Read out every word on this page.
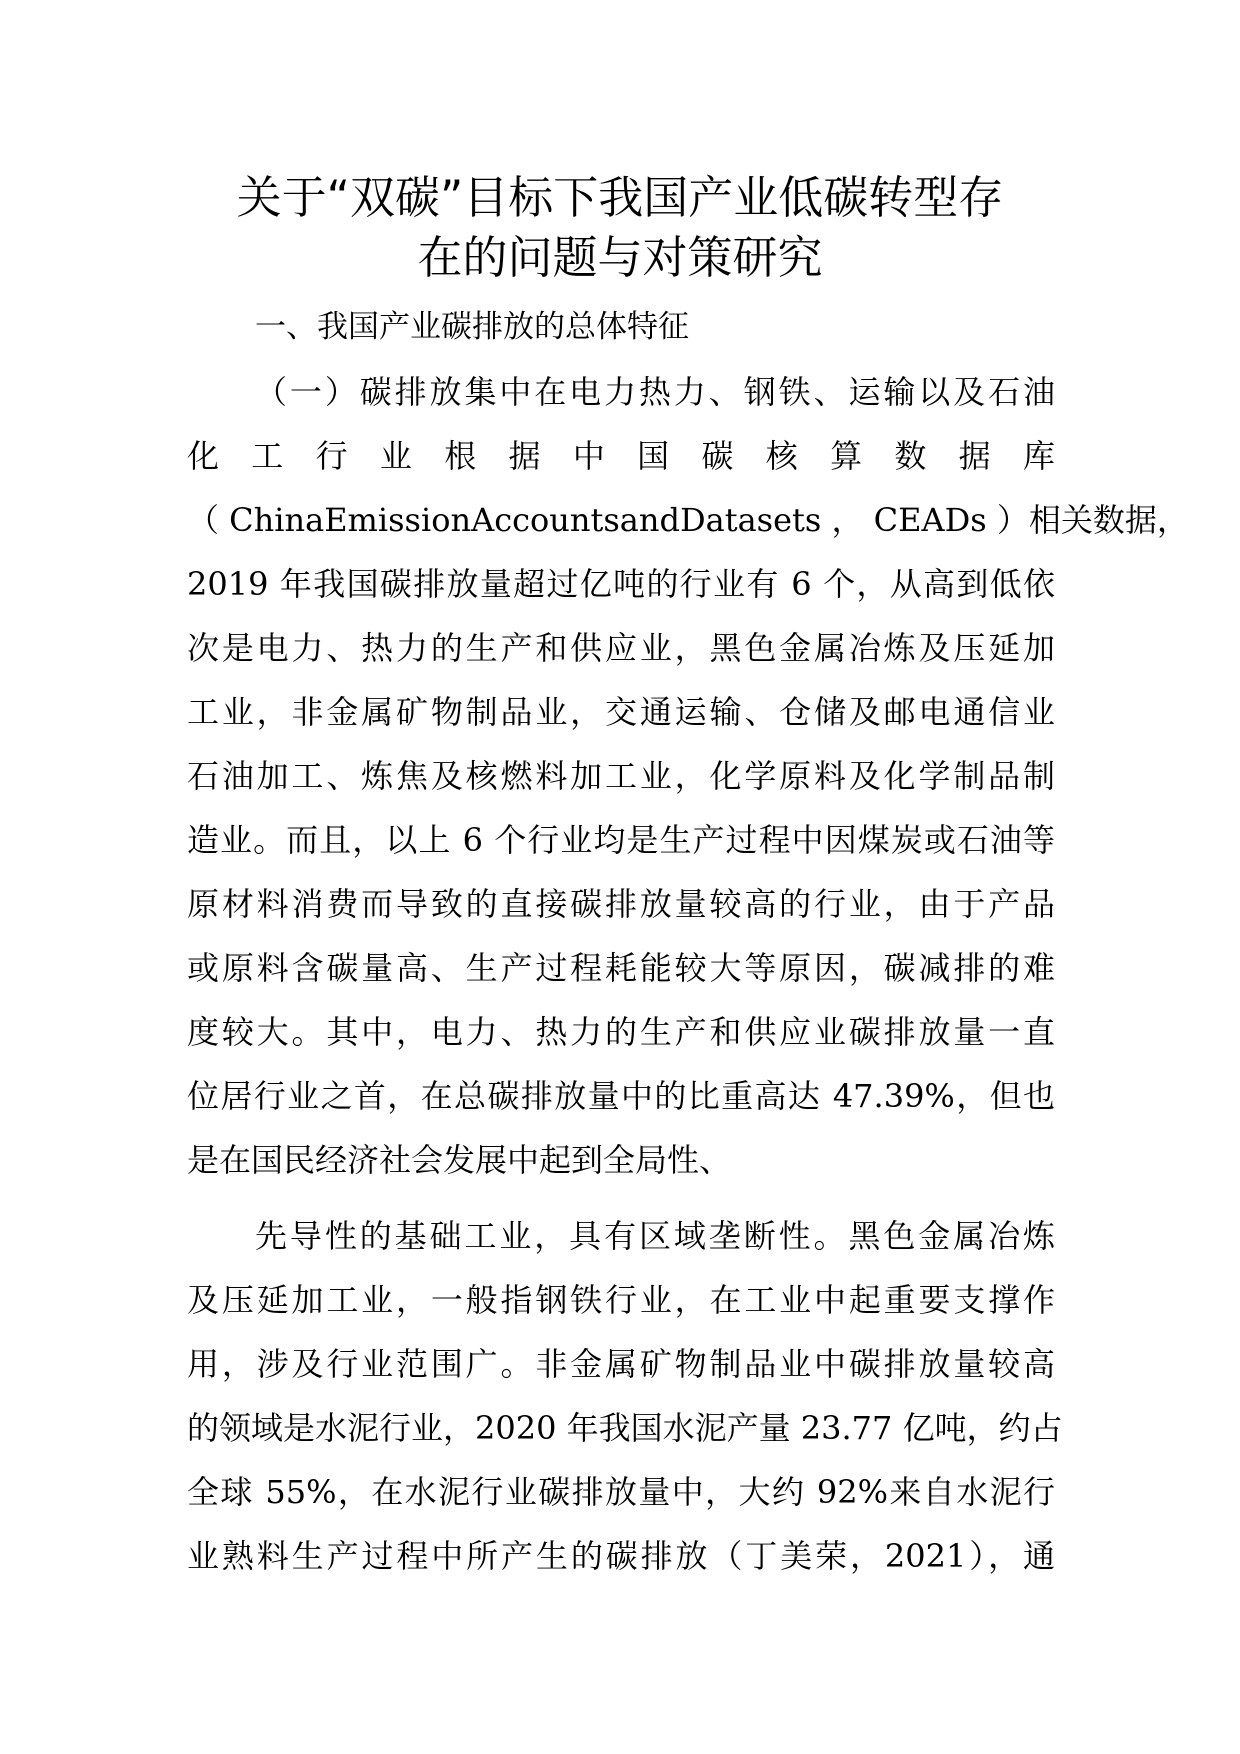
关于“双碳”目标下我国产业低碳转型存
在的问题与对策研究

一、我国产业碳排放的总体特征

（一）碳排放集中在电力热力、钢铁、运输以及石油

化 工 行 业 根 据 中 国 碳 核 算 数 据 库

（ ChinaEmissionAccountsandDatasets ， CEADs ）相关数据，

2019 年我国碳排放量超过亿吨的行业有 6 个，从高到低依

次是电力、热力的生产和供应业，黑色金属冶炼及压延加

工业，非金属矿物制品业，交通运输、仓储及邮电通信业

石油加工、炼焦及核燃料加工业，化学原料及化学制品制

造业。而且，以上 6 个行业均是生产过程中因煤炭或石油等

原材料消费而导致的直接碳排放量较高的行业，由于产品

或原料含碳量高、生产过程耗能较大等原因，碳减排的难

度较大。其中，电力、热力的生产和供应业碳排放量一直

位居行业之首，在总碳排放量中的比重高达 47.39%，但也

是在国民经济社会发展中起到全局性、

先导性的基础工业，具有区域垄断性。黑色金属冶炼

及压延加工业，一般指钢铁行业，在工业中起重要支撑作

用，涉及行业范围广。非金属矿物制品业中碳排放量较高

的领域是水泥行业，2020 年我国水泥产量 23.77 亿吨，约占

全球 55%，在水泥行业碳排放量中，大约 92%来自水泥行

业熟料生产过程中所产生的碳排放（丁美荣，2021），通
